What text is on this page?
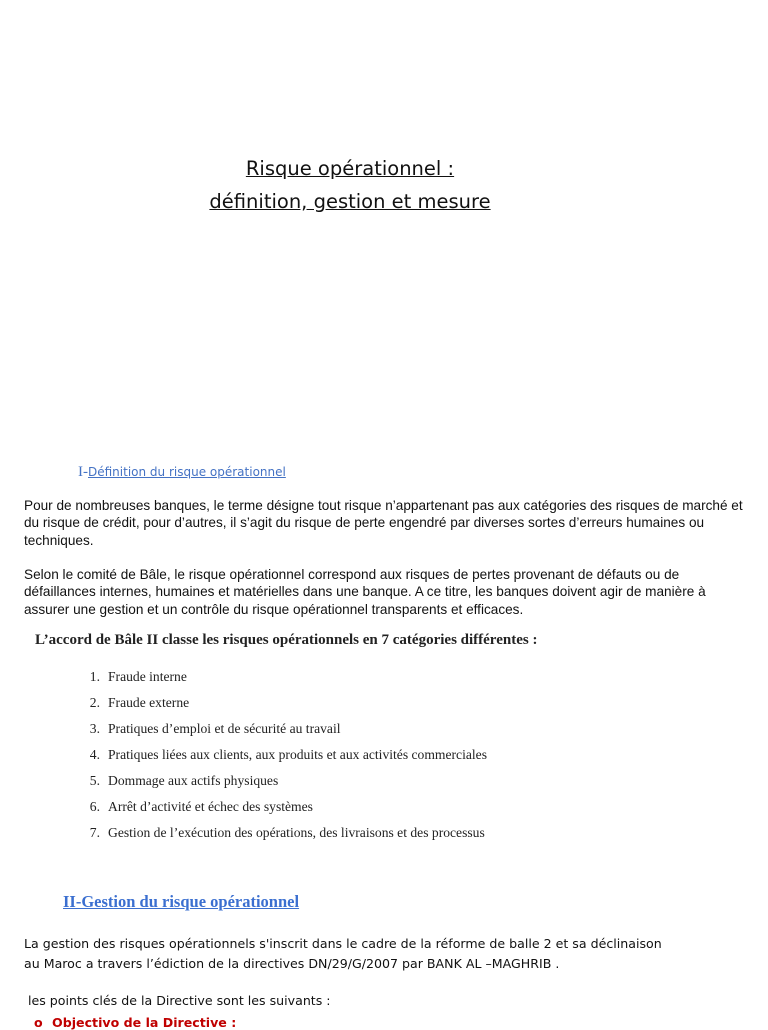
Risque opérationnel :
définition, gestion et mesure
I-Définition du risque opérationnel

Pour de nombreuses banques, le terme désigne tout risque n’appartenant pas aux catégories des risques de marché et du risque de crédit, pour d’autres, il s’agit du risque de perte engendré par diverses sortes d’erreurs humaines ou techniques.

Selon le comité de Bâle, le risque opérationnel correspond aux risques de pertes provenant de défauts ou de défaillances internes, humaines et matérielles dans une banque. A ce titre, les banques doivent agir de manière à assurer une gestion et un contrôle du risque opérationnel transparents et efficaces.

L’accord de Bâle II classe les risques opérationnels en 7 catégories différentes :
1. Fraude interne
2. Fraude externe
3. Pratiques d’emploi et de sécurité au travail
4. Pratiques liées aux clients, aux produits et aux activités commerciales
5. Dommage aux actifs physiques
6. Arrêt d’activité et échec des systèmes
7. Gestion de l’exécution des opérations, des livraisons et des processus
II-Gestion du risque opérationnel

La gestion des risques opérationnels s'inscrit dans le cadre de la réforme de balle 2 et sa déclinaison
au Maroc a travers l’édiction de la directives DN/29/G/2007 par BANK AL –MAGHRIB .

les points clés de la Directive sont les suivants :

o Objectivo de la Directive :
